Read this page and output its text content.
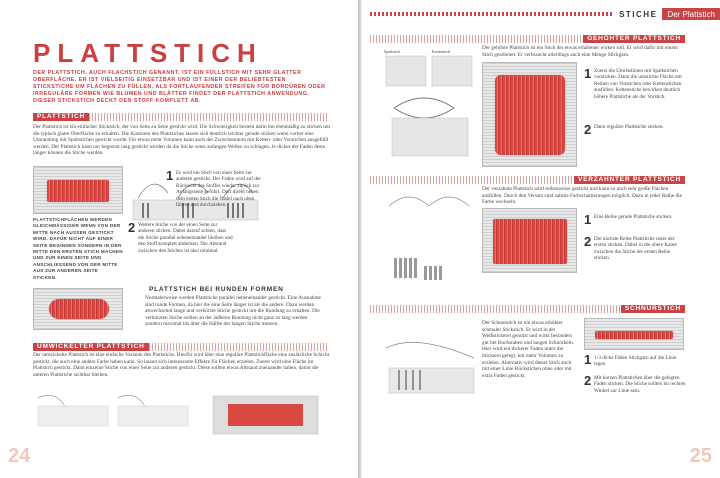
PLATTSTICH
DER PLATTSTICH, AUCH FLACHSTICH GENANNT, IST EIN FÜLLSTICH MIT SEHR GLATTER OBERFLÄCHE. ER IST VIELSEITIG EINSETZBAR UND IST EINER DER BELIEBTESTEN STICKSTICHE UM FLÄCHEN ZU FÜLLEN. ALS FORTLAUFENDER STREIFEN FÜR BORDÜREN ODER IRREGULÄRE FORMEN WIE BLUMEN UND BLÄTTER FINDET DER PLATTSTICH ANWENDUNG. DIESER STICKSTICH DECKT DEN STOFF KOMPLETT AB.
PLATTSTICH
Der Plattstich ist ein einfacher Stickstich, der von Seite zu Seite gestickt wird. Die Schwierigkeit besteht darin ihn ebenmäßig zu sticken um die typisch glatte Oberfläche zu erhalten. Die Konturen des Plattstiches lassen sich deutlich leichter gerade sticken wenn vorher eine Umrandung mit Spaltstichen gestickt wurde. Für etwas mehr Volumen kann auch der Zwischenraum mit Ketten- oder Vorstichen ausgefüllt werden. Der Plattstich kann nur begrenzt lang gestickt werden da die Stiche sonst anfangen Wellen zu schlagen. Je dicker der Faden desto länger können die Stiche werden.
PLATTSTICHFLÄCHEN WERDEN GLEICHMÄSSIGER WENN VON DER MITTE NACH AUSSEN GESTICKT WIRD. DAFÜR NICHT AUF EINER SEITE BEGINNEN SONDERN IN DER MITTE DEN ERSTEN STICH MACHEN UND ZUR EINEN SEITE UND ANSCHLIESSEND VON DER MITTE AUS ZUR ANDEREN SEITE STICKEN.
1 Es wird ein Stich von einer Seite zur anderen gestickt. Der Faden wird auf der Rückseite des Stoffes wieder zurück zur Anfangsseite geführt. Dort direkt neben dem ersten Stich die Nadel nach oben führen und durchziehen.
2 Weitere Stiche von der einen Seite zur anderen sticken. Dabei darauf achten, dass die Stiche parallel nebeneinander bleiben und den Stoff komplett abdecken. Der Abstand zwischen den Stichen ist also minimal.
PLATTSTICH BEI RUNDEN FORMEN
Normalerweise werden Plattstiche parallel nebeneinander gestickt. Eine Ausnahme sind runde Formen, da hier die eine Seite länger ist als die andere. Dazu werden abwechselnd lange und verkürzte Stiche gestickt um die Rundung zu erhalten. Die verkürzten Stiche sollten an der äußeren Rundung nicht ganz so lang werden sondern maximal bis über die Hälfte der langen Stiche messen.
UMWICKELTER PLATTSTICH
Der umwickelte Plattstich ist eine einfache Variante des Plattstichs. Hierfür wird über eine reguläre Plattstichfläche eine zusätzliche Schicht gestickt, die auch eine andere Farbe haben kann. So lassen sich interessante Effekte für Flächen erzielen. Zuerst wird eine Fläche im Plattstich gestickt. Dann einzelne Stiche von einer Seite zur anderen gestickt. Diese sollten etwas Abstand zueinander haben, damit die unteren Plattstiche sichtbar bleiben.
24
STICHE	Der Plattstich
GEHÖHTER PLATTSTICH
Spaltstich	Kettenstich
Der gehöhte Plattstich ist ein Stich der etwas erhabener wirken soll. Er wird dafür mit einem Stich gearbeitet. Er verbraucht allerdings auch eine Menge Stickgarn.
1 Zuerst die Umrisslinien mit Spaltstichen vorsticken. Dann die umstickte Fläche mit Reihen von Vorstichen oder Kettenstichen ausfüllen. Kettenstiche bewirken deutlich höhere Plattstiche als der Vorstich.
2 Dann reguläre Plattstiche sticken.
VERZAHNTER PLATTSTICH
Der verzahnte Plattstich wird reihenweise gestickt und kann so auch sehr große Flächen ausfüllen. Durch den Versatz sind subtile Farbschattierungen möglich. Dazu in jeder Reihe die Farbe wechseln.
1 Eine Reihe gerade Plattstiche sticken.
2 Die nächste Reihe Plattstiche unter der ersten sticken. Dabei in die obere Kante zwischen die Stiche der ersten Reihe sticken.
SCHNURSTICH
Der Schnurstich ist ein etwas erhöhter schmaler Stickstich. Er wird in der Weißstickerei genutzt und wirkt besonders gut bei Buchstaben und langen Schnörkeln. Hier wird ein dickerer Faden unter die Stickerei gelegt, um mehr Volumen zu erzielen. Alternativ wird dieser Stich auch mit einer Linie Rückstichen ohne oder mit extra Faden gestickt.
1 1-3 dicke Fäden Stickgarn auf die Linie legen.
2 Mit kurzen Plattstichen über die gelegten Fäden sticken. Die Stiche sollten im rechten Winkel zur Linie sein.
25
